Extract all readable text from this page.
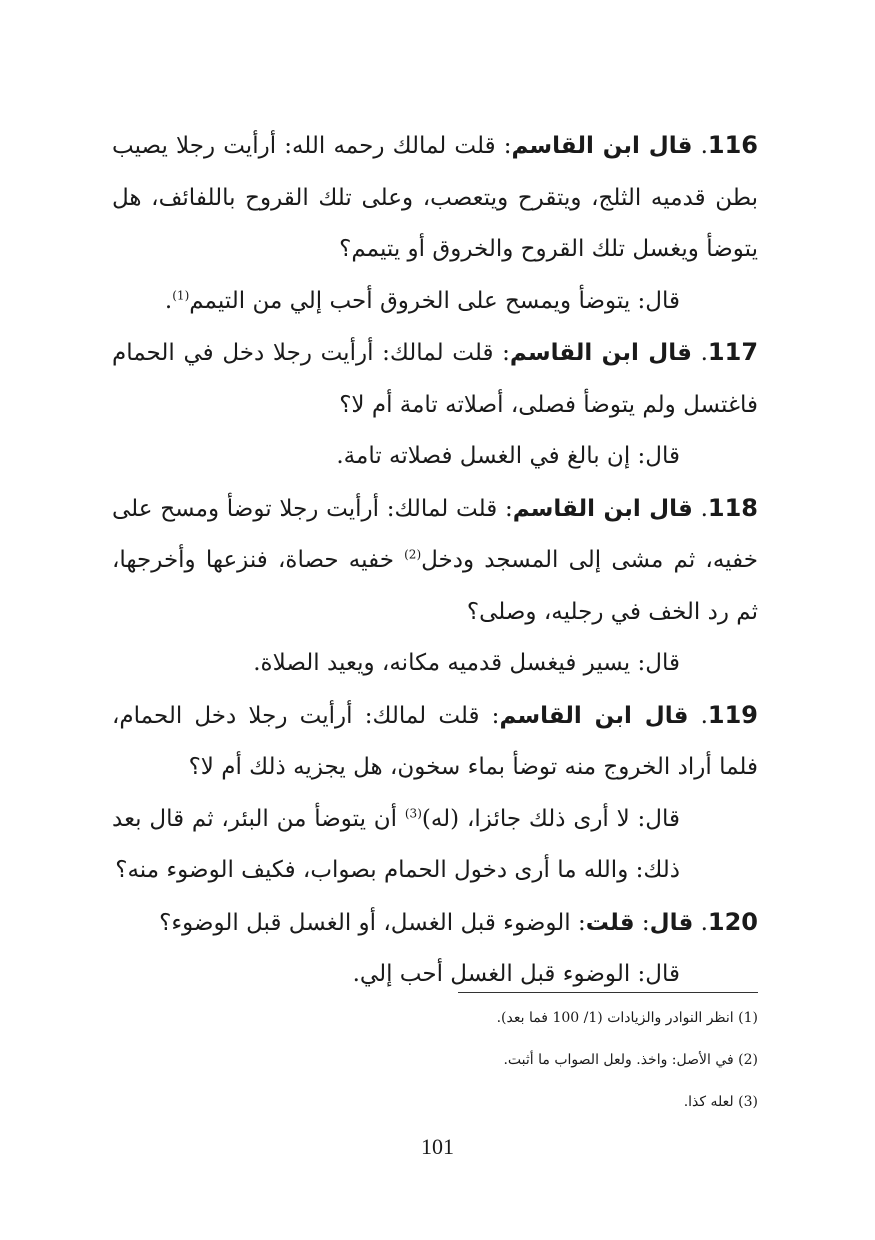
116. قال ابن القاسم: قلت لمالك رحمه الله: أرأيت رجلا يصيب بطن قدميه الثلج، ويتقرح ويتعصب، وعلى تلك القروح باللفائف، هل يتوضأ ويغسل تلك القروح والخروق أو يتيمم؟

قال: يتوضأ ويمسح على الخروق أحب إلي من التيمم$^{(1)}$.

117. قال ابن القاسم: قلت لمالك: أرأيت رجلا دخل في الحمام فاغتسل ولم يتوضأ فصلى، أصلاته تامة أم لا؟

قال: إن بالغ في الغسل فصلاته تامة.

118. قال ابن القاسم: قلت لمالك: أرأيت رجلا توضأ ومسح على خفيه، ثم مشى إلى المسجد ودخل$^{(2)}$ خفيه حصاة، فنزعها وأخرجها، ثم رد الخف في رجليه، وصلى؟

قال: يسير فيغسل قدميه مكانه، ويعيد الصلاة.

119. قال ابن القاسم: قلت لمالك: أرأيت رجلا دخل الحمام، فلما أراد الخروج منه توضأ بماء سخون، هل يجزيه ذلك أم لا؟

قال: لا أرى ذلك جائزا، (له)$^{(3)}$ أن يتوضأ من البئر، ثم قال بعد ذلك: والله ما أرى دخول الحمام بصواب، فكيف الوضوء منه؟

120. قال: قلت: الوضوء قبل الغسل، أو الغسل قبل الوضوء؟

قال: الوضوء قبل الغسل أحب إلي.

(1) انظر النوادر والزيادات (1/ 100 فما بعد).

(2) في الأصل: واخذ. ولعل الصواب ما أثبت.

(3) لعله كذا.

101
